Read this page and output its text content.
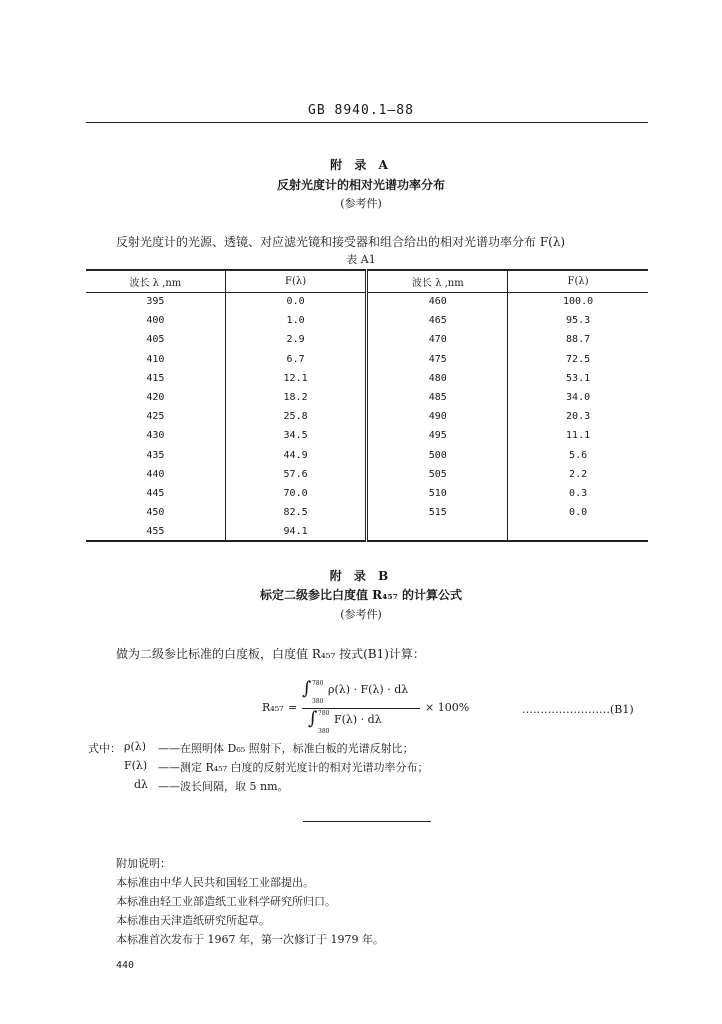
GB 8940.1—88
附 录 A
反射光度计的相对光谱功率分布
(参考件)
反射光度计的光源、透镜、对应滤光镜和接受器和组合给出的相对光谱功率分布 F(λ)
表 A1
波长 λ ,nm	F(λ)	波长 λ ,nm	F(λ)
395	0.0	460	100.0
400	1.0	465	95.3
405	2.9	470	88.7
410	6.7	475	72.5
415	12.1	480	53.1
420	18.2	485	34.0
425	25.8	490	20.3
430	34.5	495	11.1
435	44.9	500	5.6
440	57.6	505	2.2
445	70.0	510	0.3
450	82.5	515	0.0
455	94.1		
附 录 B
标定二级参比白度值 R₄₅₇ 的计算公式
(参考件)
做为二级参比标准的白度板，白度值 R₄₅₇ 按式(B1)计算：
R₄₅₇ =
∫ 780
380
ρ(λ) · F(λ) · dλ
∫ 780
380
F(λ) · dλ
× 100%	……………………(B1)
式中： ρ(λ) ——在照明体 D₆₅ 照射下，标准白板的光谱反射比；
F(λ) ——测定 R₄₅₇ 白度的反射光度计的相对光谱功率分布；
dλ ——波长间隔，取 5 nm。
附加说明：
本标准由中华人民共和国轻工业部提出。
本标准由轻工业部造纸工业科学研究所归口。
本标准由天津造纸研究所起草。
本标准首次发布于 1967 年，第一次修订于 1979 年。
440
